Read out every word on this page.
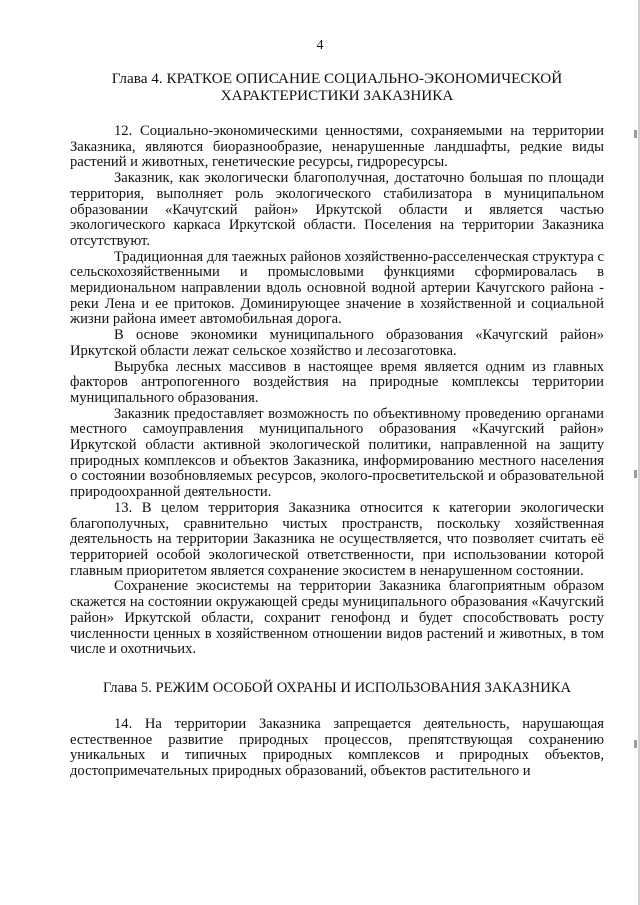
4
Глава 4. КРАТКОЕ ОПИСАНИЕ СОЦИАЛЬНО-ЭКОНОМИЧЕСКОЙ ХАРАКТЕРИСТИКИ ЗАКАЗНИКА

12. Социально-экономическими ценностями, сохраняемыми на территории Заказника, являются биоразнообразие, ненарушенные ландшафты, редкие виды растений и животных, генетические ресурсы, гидроресурсы.

Заказник, как экологически благополучная, достаточно большая по площади территория, выполняет роль экологического стабилизатора в муниципальном образовании «Качугский район» Иркутской области и является частью экологического каркаса Иркутской области. Поселения на территории Заказника отсутствуют.

Традиционная для таежных районов хозяйственно-расселенческая структура с сельскохозяйственными и промысловыми функциями сформировалась в меридиональном направлении вдоль основной водной артерии Качугского района - реки Лена и ее притоков. Доминирующее значение в хозяйственной и социальной жизни района имеет автомобильная дорога.

В основе экономики муниципального образования «Качугский район» Иркутской области лежат сельское хозяйство и лесозаготовка.

Вырубка лесных массивов в настоящее время является одним из главных факторов антропогенного воздействия на природные комплексы территории муниципального образования.

Заказник предоставляет возможность по объективному проведению органами местного самоуправления муниципального образования «Качугский район» Иркутской области активной экологической политики, направленной на защиту природных комплексов и объектов Заказника, информированию местного населения о состоянии возобновляемых ресурсов, эколого-просветительской и образовательной природоохранной деятельности.

13. В целом территория Заказника относится к категории экологически благополучных, сравнительно чистых пространств, поскольку хозяйственная деятельность на территории Заказника не осуществляется, что позволяет считать её территорией особой экологической ответственности, при использовании которой главным приоритетом является сохранение экосистем в ненарушенном состоянии.

Сохранение экосистемы на территории Заказника благоприятным образом скажется на состоянии окружающей среды муниципального образования «Качугский район» Иркутской области, сохранит генофонд и будет способствовать росту численности ценных в хозяйственном отношении видов растений и животных, в том числе и охотничьих.

Глава 5. РЕЖИМ ОСОБОЙ ОХРАНЫ И ИСПОЛЬЗОВАНИЯ ЗАКАЗНИКА

14. На территории Заказника запрещается деятельность, нарушающая естественное развитие природных процессов, препятствующая сохранению уникальных и типичных природных комплексов и природных объектов, достопримечательных природных образований, объектов растительного и
